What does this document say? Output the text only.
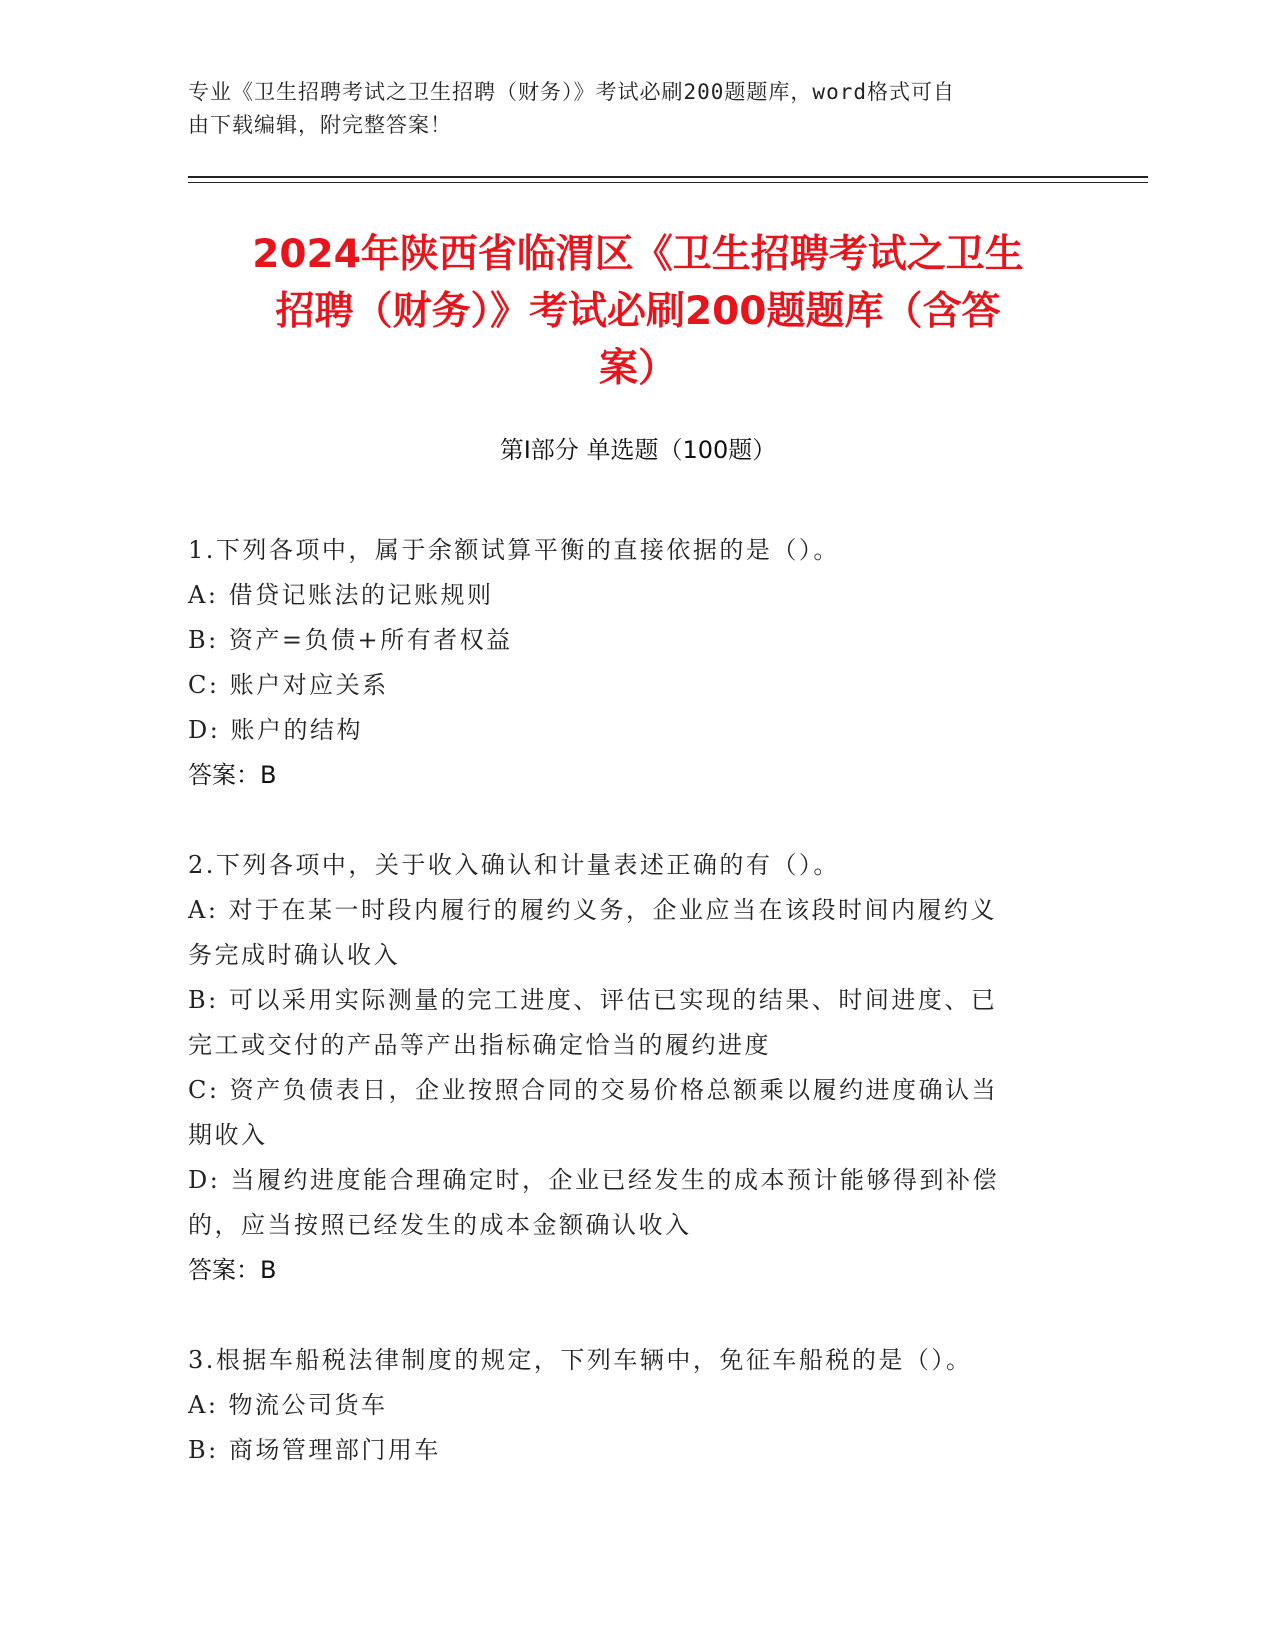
专业《卫生招聘考试之卫生招聘（财务）》考试必刷200题题库，word格式可自
由下载编辑，附完整答案！
2024年陕西省临渭区《卫生招聘考试之卫生
招聘（财务）》考试必刷200题题库（含答
案）
第Ⅰ部分 单选题（100题）
1.下列各项中，属于余额试算平衡的直接依据的是（）。
A: 借贷记账法的记账规则
B: 资产=负债+所有者权益
C: 账户对应关系
D: 账户的结构
答案：B
2.下列各项中，关于收入确认和计量表述正确的有（）。
A: 对于在某一时段内履行的履约义务，企业应当在该段时间内履约义
务完成时确认收入
B: 可以采用实际测量的完工进度、评估已实现的结果、时间进度、已
完工或交付的产品等产出指标确定恰当的履约进度
C: 资产负债表日，企业按照合同的交易价格总额乘以履约进度确认当
期收入
D: 当履约进度能合理确定时，企业已经发生的成本预计能够得到补偿
的，应当按照已经发生的成本金额确认收入
答案：B
3.根据车船税法律制度的规定，下列车辆中，免征车船税的是（）。
A: 物流公司货车
B: 商场管理部门用车
